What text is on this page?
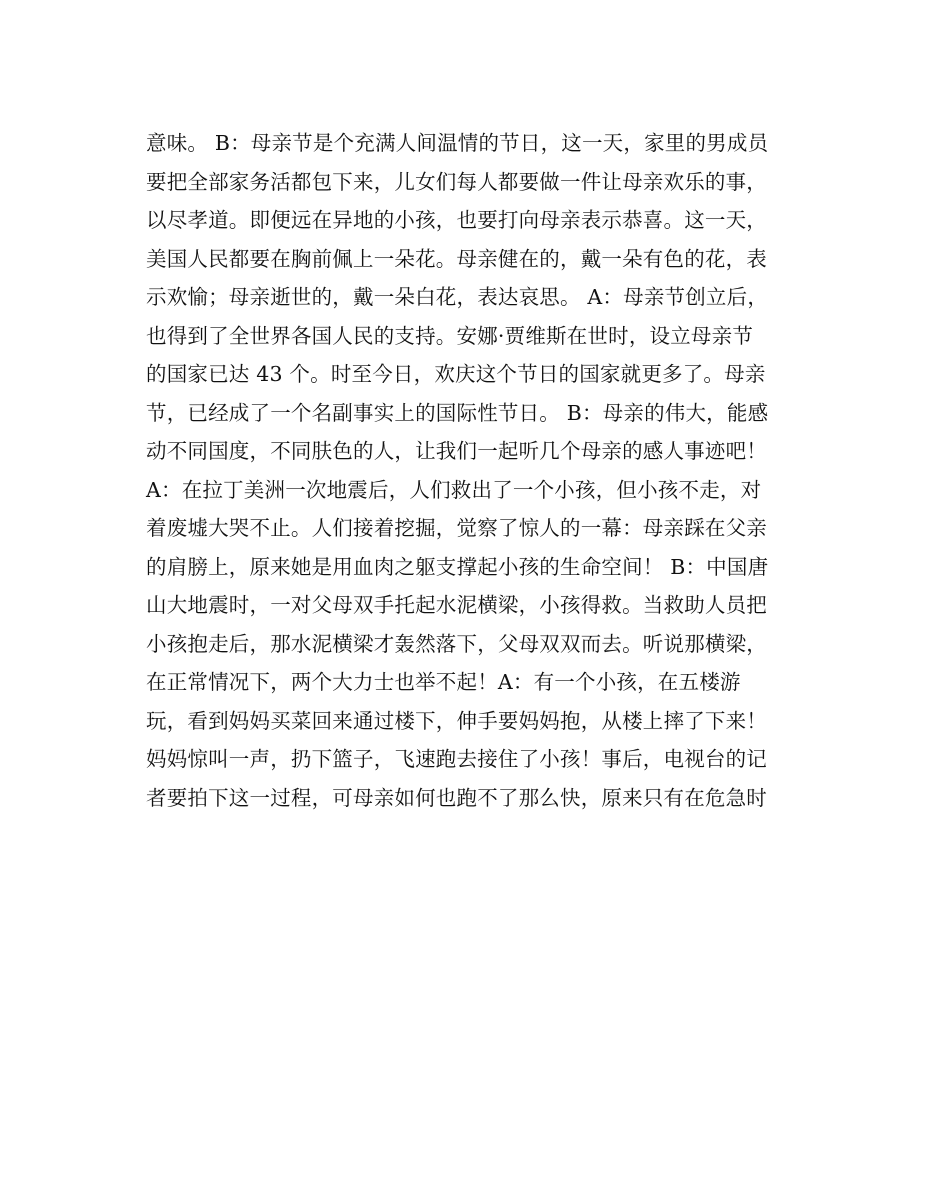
意味。 B：母亲节是个充满人间温情的节日，这一天，家里的男成员
要把全部家务活都包下来，儿女们每人都要做一件让母亲欢乐的事，
以尽孝道。即便远在异地的小孩，也要打向母亲表示恭喜。这一天，
美国人民都要在胸前佩上一朵花。母亲健在的，戴一朵有色的花，表
示欢愉；母亲逝世的，戴一朵白花，表达哀思。 A：母亲节创立后，
也得到了全世界各国人民的支持。安娜·贾维斯在世时，设立母亲节
的国家已达 43 个。时至今日，欢庆这个节日的国家就更多了。母亲
节，已经成了一个名副事实上的国际性节日。 B：母亲的伟大，能感
动不同国度，不同肤色的人，让我们一起听几个母亲的感人事迹吧！
A：在拉丁美洲一次地震后，人们救出了一个小孩，但小孩不走，对
着废墟大哭不止。人们接着挖掘，觉察了惊人的一幕：母亲踩在父亲
的肩膀上，原来她是用血肉之躯支撑起小孩的生命空间！ B：中国唐
山大地震时，一对父母双手托起水泥横梁，小孩得救。当救助人员把
小孩抱走后，那水泥横梁才轰然落下，父母双双而去。听说那横梁，
在正常情况下，两个大力士也举不起！A：有一个小孩，在五楼游
玩，看到妈妈买菜回来通过楼下，伸手要妈妈抱，从楼上摔了下来！
妈妈惊叫一声，扔下篮子，飞速跑去接住了小孩！事后，电视台的记
者要拍下这一过程，可母亲如何也跑不了那么快，原来只有在危急时
